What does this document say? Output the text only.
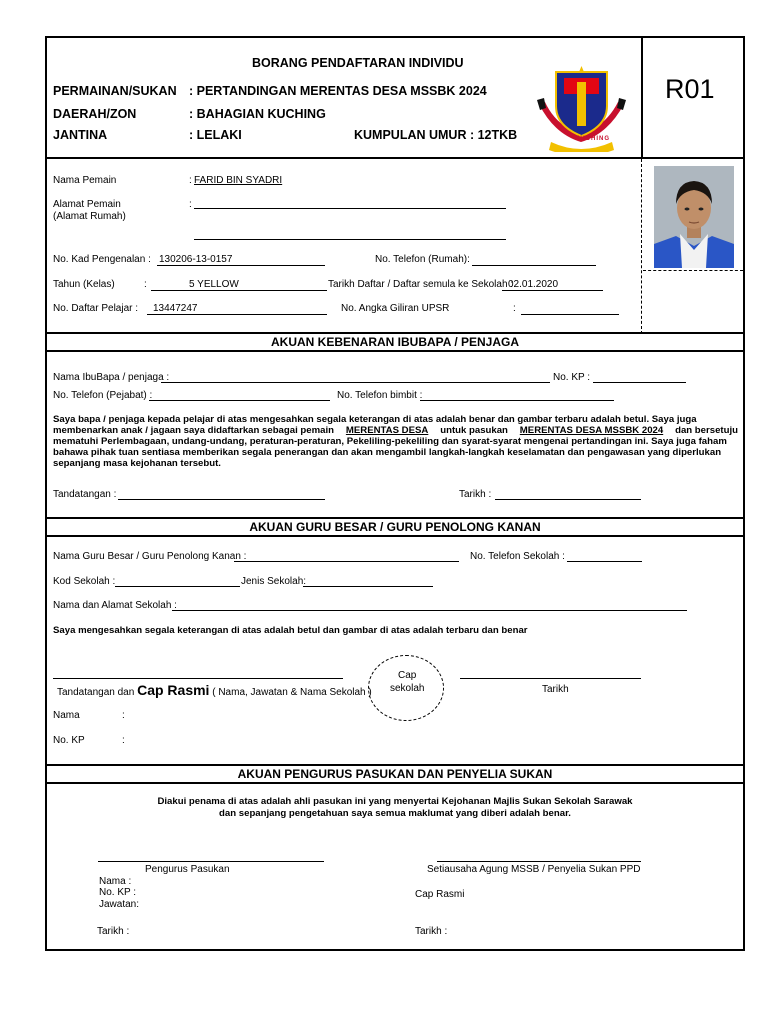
BORANG PENDAFTARAN INDIVIDU
PERMAINAN/SUKAN : PERTANDINGAN MERENTAS DESA MSSBK 2024
DAERAH/ZON	: BAHAGIAN KUCHING
JANTINA	: LELAKI	KUMPULAN UMUR : 12TKB	KUCHING
R01
Nama Pemain	: FARID BIN SYADRI
Alamat Pemain
(Alamat Rumah)
:
No. Kad Pengenalan : 130206-13-0157	No. Telefon (Rumah):
Tahun (Kelas)	:	5 YELLOW	Tarikh Daftar / Daftar semula ke Sekolah :
02.01.2020
No. Daftar Pelajar : 13447247	No. Angka Giliran UPSR	:
AKUAN KEBENARAN IBUBAPA / PENJAGA
Nama IbuBapa / penjaga :	No. KP :
No. Telefon (Pejabat) :	No. Telefon bimbit :
Saya bapa / penjaga kepada pelajar di atas mengesahkan segala keterangan di atas adalah benar dan gambar terbaru adalah betul. Saya juga
membenarkan anak / jagaan saya didaftarkan sebagai pemain MERENTAS DESA untuk pasukan MERENTAS DESA MSSBK 2024 dan bersetuju
mematuhi Perlembagaan, undang-undang, peraturan-peraturan, Pekeliling-pekeliling dan syarat-syarat mengenai pertandingan ini. Saya juga faham
bahawa pihak tuan sentiasa memberikan segala penerangan dan akan mengambil langkah-langkah keselamatan dan pengawasan yang diperlukan
sepanjang masa kejohanan tersebut.
Tandatangan :	Tarikh :
AKUAN GURU BESAR / GURU PENOLONG KANAN
Nama Guru Besar / Guru Penolong Kanan :	No. Telefon Sekolah :
Kod Sekolah :	Jenis Sekolah:
Nama dan Alamat Sekolah :
Saya mengesahkan segala keterangan di atas adalah betul dan gambar di atas adalah terbaru dan benar
Tandatangan dan Cap Rasmi ( Nama, Jawatan & Nama Sekolah )
Cap
sekolah	Tarikh
Nama	:
No. KP	:
AKUAN PENGURUS PASUKAN DAN PENYELIA SUKAN
Diakui penama di atas adalah ahli pasukan ini yang menyertai Kejohanan Majlis Sukan Sekolah Sarawak
dan sepanjang pengetahuan saya semua maklumat yang diberi adalah benar.
Pengurus Pasukan
Nama :
No. KP :
Jawatan:
Tarikh :
Setiausaha Agung MSSB / Penyelia Sukan PPD
Cap Rasmi
Tarikh :
